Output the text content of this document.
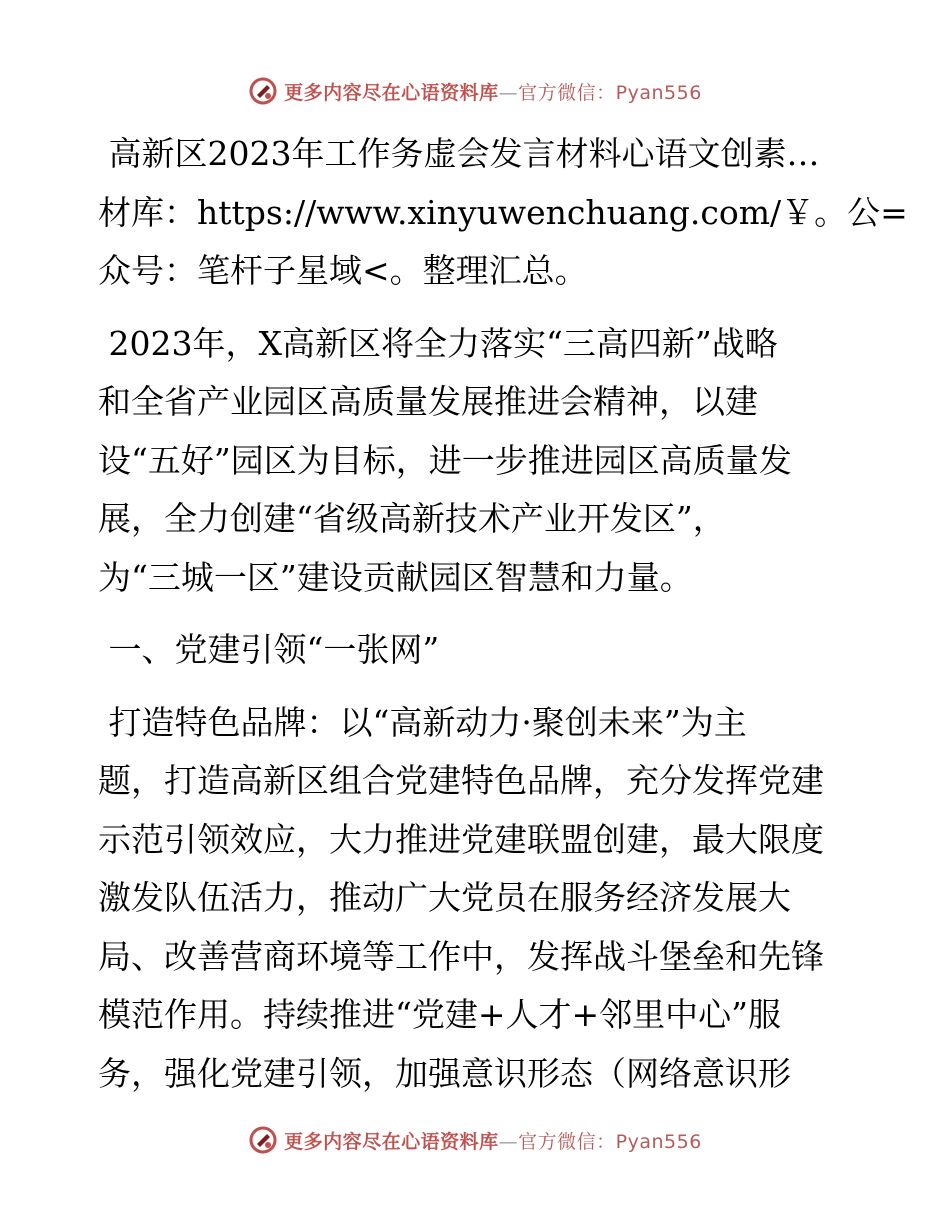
更多内容尽在心语资料库—官方微信：Pyan556

高新区2023年工作务虚会发言材料心语文创素…
材库：https://www.xinyuwenchuang.com/￥。公=
众号：笔杆子星域<。整理汇总。

2023年，X高新区将全力落实“三高四新”战略
和全省产业园区高质量发展推进会精神，以建
设“五好”园区为目标，进一步推进园区高质量发
展，全力创建“省级高新技术产业开发区”，
为“三城一区”建设贡献园区智慧和力量。

一、党建引领“一张网”

打造特色品牌：以“高新动力·聚创未来”为主
题，打造高新区组合党建特色品牌，充分发挥党建
示范引领效应，大力推进党建联盟创建，最大限度
激发队伍活力，推动广大党员在服务经济发展大
局、改善营商环境等工作中，发挥战斗堡垒和先锋
模范作用。持续推进“党建+人才+邻里中心”服
务，强化党建引领，加强意识形态（网络意识形

更多内容尽在心语资料库—官方微信：Pyan556
